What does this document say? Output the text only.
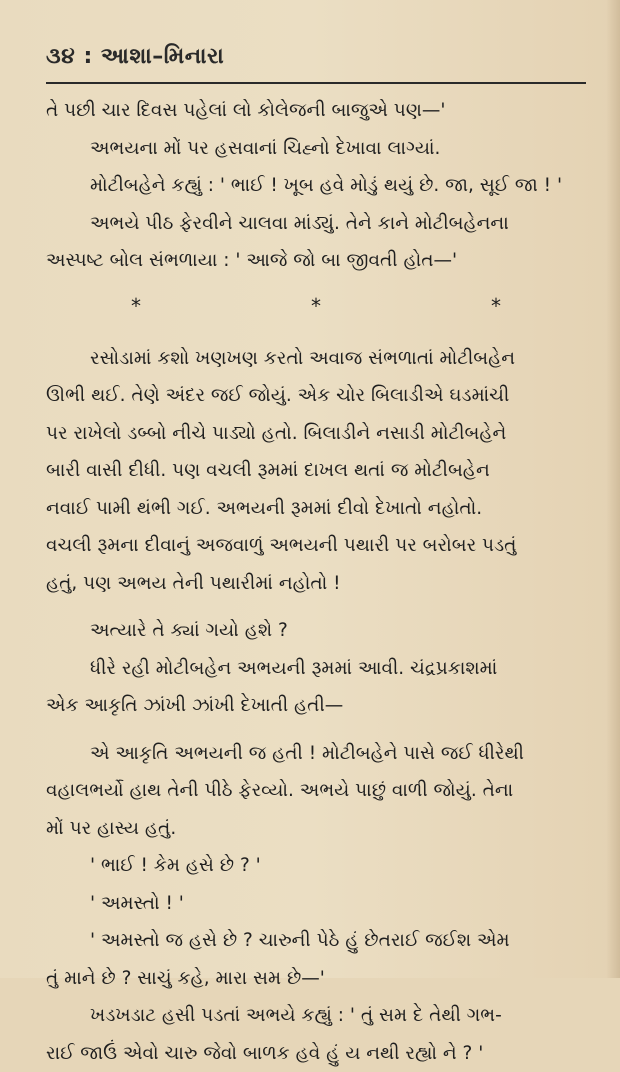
૩૪ : આશા–મિનારા
તે પછી ચાર દિવસ પહેલાં લો કોલેજની બાજુએ પણ—'
અભયના મોં પર હસવાનાં ચિહ્નો દેખાવા લાગ્યાં.
મોટીબહેને કહ્યું : ' ભાઈ ! ખૂબ હવે મોડું થયું છે. જા, સૂઈ જા ! '
અભયે પીઠ ફેરવીને ચાલવા માંડ્યું. તેને કાને મોટીબહેનના
અસ્પષ્ટ બોલ સંભળાયા : ' આજે જો બા જીવતી હોત—'
*	*	*
રસોડામાં કશો ખણખણ કરતો અવાજ સંભળાતાં મોટીબહેન
ઊભી થઈ. તેણે અંદર જઈ જોયું. એક ચોર બિલાડીએ ઘડમાંચી
પર રાખેલો ડબ્બો નીચે પાડ્યો હતો. બિલાડીને નસાડી મોટીબહેને
બારી વાસી દીધી. પણ વચલી રૂમમાં દાખલ થતાં જ મોટીબહેન
નવાઈ પામી થંભી ગઈ. અભયની રૂમમાં દીવો દેખાતો નહોતો.
વચલી રૂમના દીવાનું અજવાળું અભયની પથારી પર બરોબર પડતું
હતું, પણ અભય તેની પથારીમાં નહોતો !
અત્યારે તે ક્યાં ગયો હશે ?
ધીરે રહી મોટીબહેન અભયની રૂમમાં આવી. ચંદ્રપ્રકાશમાં
એક આકૃતિ ઝાંખી ઝાંખી દેખાતી હતી—
એ આકૃતિ અભયની જ હતી ! મોટીબહેને પાસે જઈ ધીરેથી
વહાલભર્યો હાથ તેની પીઠે ફેરવ્યો. અભયે પાછું વાળી જોયું. તેના
મોં પર હાસ્ય હતું.
' ભાઈ ! કેમ હસે છે ? '
' અમસ્તો ! '
' અમસ્તો જ હસે છે ? ચારુની પેઠે હું છેતરાઈ જઈશ એમ
તું માને છે ? સાચું કહે, મારા સમ છે—'
ખડખડાટ હસી પડતાં અભયે કહ્યું : ' તું સમ દે તેથી ગભ-
રાઈ જાઉં એવો ચારુ જેવો બાળક હવે હું ય નથી રહ્યો ને ? '
